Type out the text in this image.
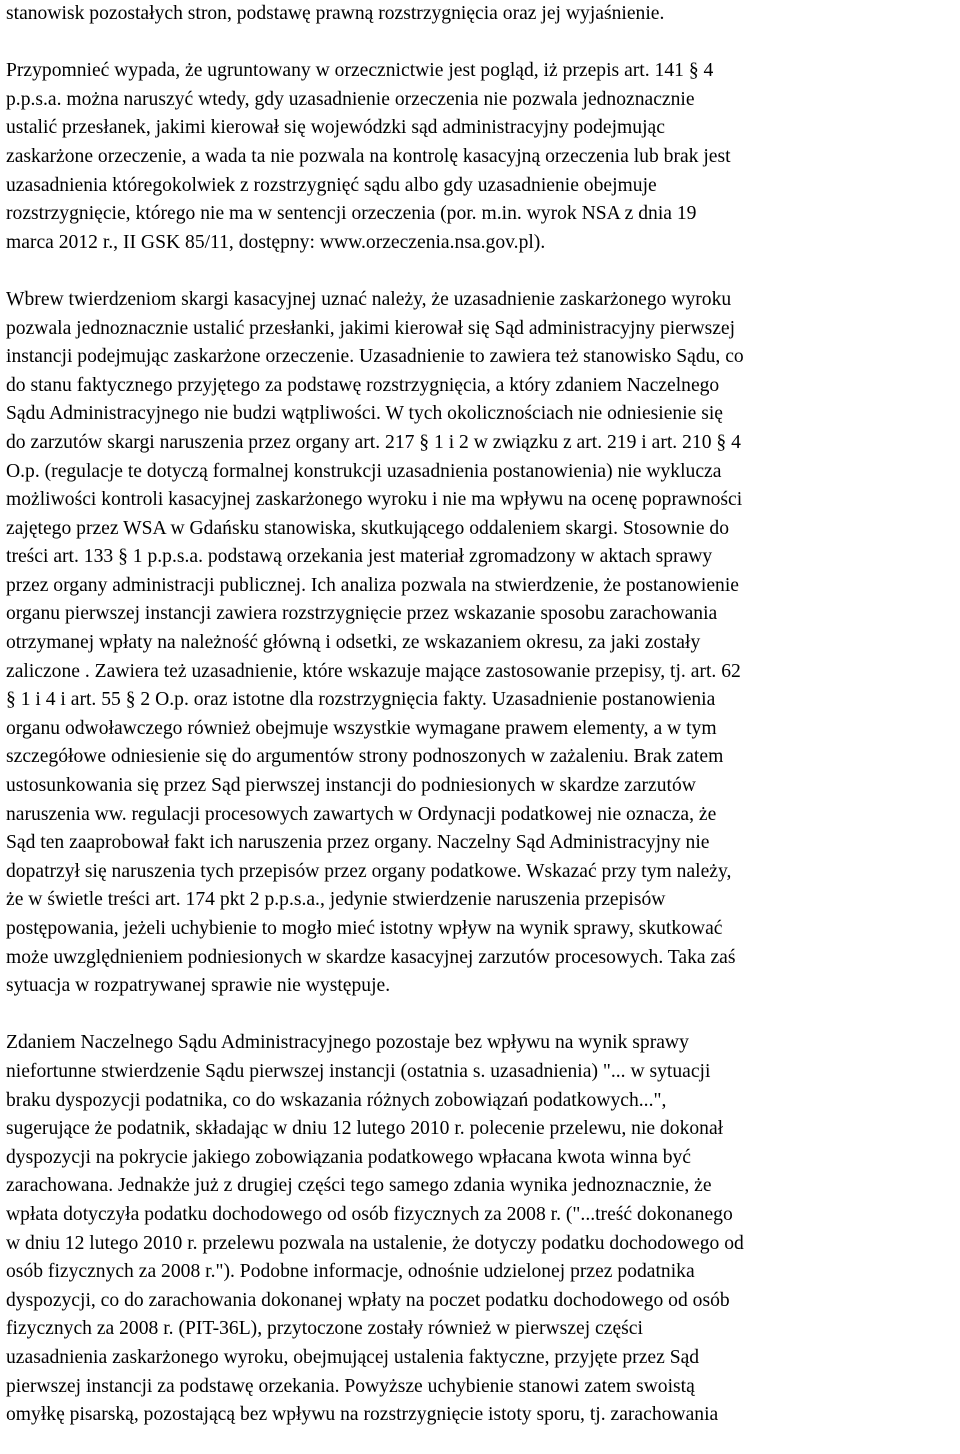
stanowisk pozostałych stron, podstawę prawną rozstrzygnięcia oraz jej wyjaśnienie.
Przypomnieć wypada, że ugruntowany w orzecznictwie jest pogląd, iż przepis art. 141 § 4
p.p.s.a. można naruszyć wtedy, gdy uzasadnienie orzeczenia nie pozwala jednoznacznie
ustalić przesłanek, jakimi kierował się wojewódzki sąd administracyjny podejmując
zaskarżone orzeczenie, a wada ta nie pozwala na kontrolę kasacyjną orzeczenia lub brak jest
uzasadnienia któregokolwiek z rozstrzygnięć sądu albo gdy uzasadnienie obejmuje
rozstrzygnięcie, którego nie ma w sentencji orzeczenia (por. m.in. wyrok NSA z dnia 19
marca 2012 r., II GSK 85/11, dostępny: www.orzeczenia.nsa.gov.pl).
Wbrew twierdzeniom skargi kasacyjnej uznać należy, że uzasadnienie zaskarżonego wyroku
pozwala jednoznacznie ustalić przesłanki, jakimi kierował się Sąd administracyjny pierwszej
instancji podejmując zaskarżone orzeczenie. Uzasadnienie to zawiera też stanowisko Sądu, co
do stanu faktycznego przyjętego za podstawę rozstrzygnięcia, a który zdaniem Naczelnego
Sądu Administracyjnego nie budzi wątpliwości. W tych okolicznościach nie odniesienie się
do zarzutów skargi naruszenia przez organy art. 217 § 1 i 2 w związku z art. 219 i art. 210 § 4
O.p. (regulacje te dotyczą formalnej konstrukcji uzasadnienia postanowienia) nie wyklucza
możliwości kontroli kasacyjnej zaskarżonego wyroku i nie ma wpływu na ocenę poprawności
zajętego przez WSA w Gdańsku stanowiska, skutkującego oddaleniem skargi. Stosownie do
treści art. 133 § 1 p.p.s.a. podstawą orzekania jest materiał zgromadzony w aktach sprawy
przez organy administracji publicznej. Ich analiza pozwala na stwierdzenie, że postanowienie
organu pierwszej instancji zawiera rozstrzygnięcie przez wskazanie sposobu zarachowania
otrzymanej wpłaty na należność główną i odsetki, ze wskazaniem okresu, za jaki zostały
zaliczone . Zawiera też uzasadnienie, które wskazuje mające zastosowanie przepisy, tj. art. 62
§ 1 i 4 i art. 55 § 2 O.p. oraz istotne dla rozstrzygnięcia fakty. Uzasadnienie postanowienia
organu odwoławczego również obejmuje wszystkie wymagane prawem elementy, a w tym
szczegółowe odniesienie się do argumentów strony podnoszonych w zażaleniu. Brak zatem
ustosunkowania się przez Sąd pierwszej instancji do podniesionych w skardze zarzutów
naruszenia ww. regulacji procesowych zawartych w Ordynacji podatkowej nie oznacza, że
Sąd ten zaaprobował fakt ich naruszenia przez organy. Naczelny Sąd Administracyjny nie
dopatrzył się naruszenia tych przepisów przez organy podatkowe. Wskazać przy tym należy,
że w świetle treści art. 174 pkt 2 p.p.s.a., jedynie stwierdzenie naruszenia przepisów
postępowania, jeżeli uchybienie to mogło mieć istotny wpływ na wynik sprawy, skutkować
może uwzględnieniem podniesionych w skardze kasacyjnej zarzutów procesowych. Taka zaś
sytuacja w rozpatrywanej sprawie nie występuje.
Zdaniem Naczelnego Sądu Administracyjnego pozostaje bez wpływu na wynik sprawy
niefortunne stwierdzenie Sądu pierwszej instancji (ostatnia s. uzasadnienia) "... w sytuacji
braku dyspozycji podatnika, co do wskazania różnych zobowiązań podatkowych...",
sugerujące że podatnik, składając w dniu 12 lutego 2010 r. polecenie przelewu, nie dokonał
dyspozycji na pokrycie jakiego zobowiązania podatkowego wpłacana kwota winna być
zarachowana. Jednakże już z drugiej części tego samego zdania wynika jednoznacznie, że
wpłata dotyczyła podatku dochodowego od osób fizycznych za 2008 r. ("...treść dokonanego
w dniu 12 lutego 2010 r. przelewu pozwala na ustalenie, że dotyczy podatku dochodowego od
osób fizycznych za 2008 r."). Podobne informacje, odnośnie udzielonej przez podatnika
dyspozycji, co do zarachowania dokonanej wpłaty na poczet podatku dochodowego od osób
fizycznych za 2008 r. (PIT-36L), przytoczone zostały również w pierwszej części
uzasadnienia zaskarżonego wyroku, obejmującej ustalenia faktyczne, przyjęte przez Sąd
pierwszej instancji za podstawę orzekania. Powyższe uchybienie stanowi zatem swoistą
omyłkę pisarską, pozostającą bez wpływu na rozstrzygnięcie istoty sporu, tj. zarachowania
